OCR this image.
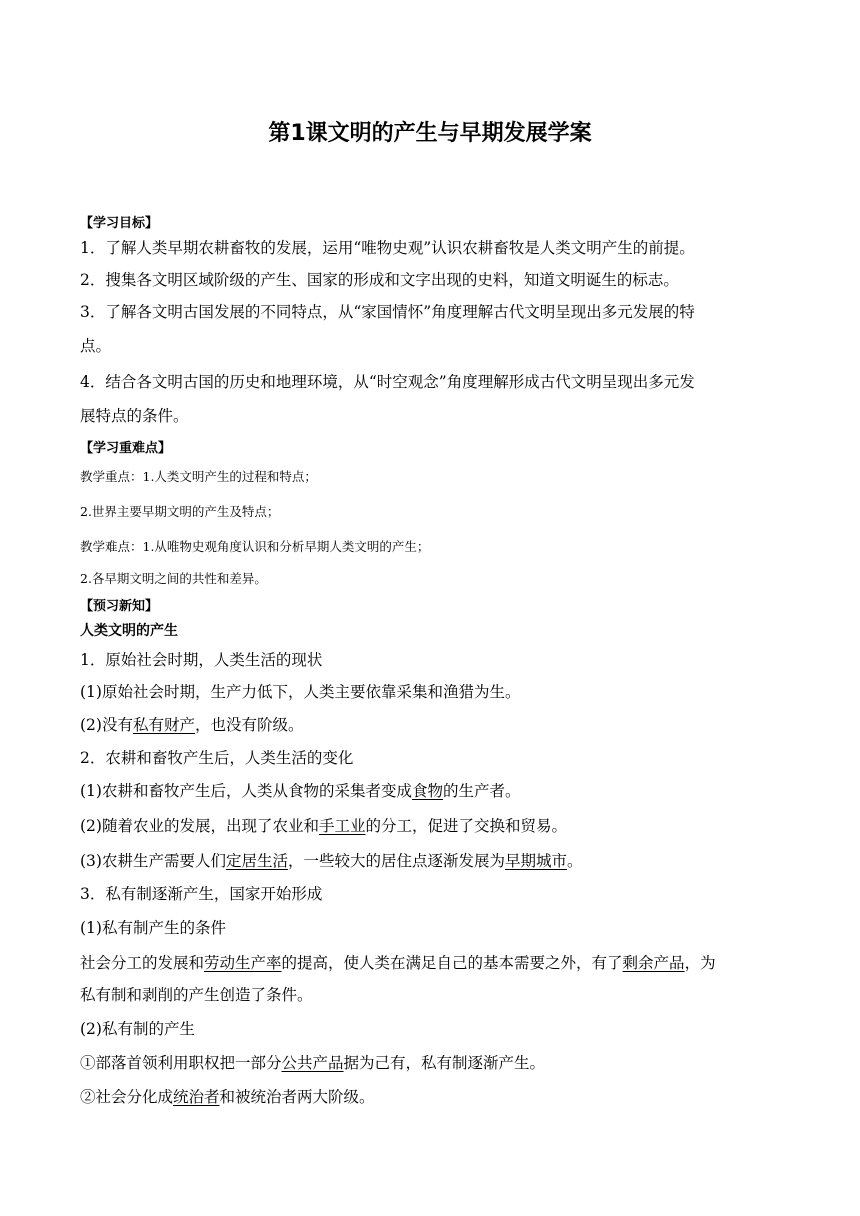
第1课文明的产生与早期发展学案
【学习目标】
1．了解人类早期农耕畜牧的发展，运用“唯物史观”认识农耕畜牧是人类文明产生的前提。
2．搜集各文明区域阶级的产生、国家的形成和文字出现的史料，知道文明诞生的标志。
3．了解各文明古国发展的不同特点，从“家国情怀”角度理解古代文明呈现出多元发展的特
点。
4．结合各文明古国的历史和地理环境，从“时空观念”角度理解形成古代文明呈现出多元发
展特点的条件。
【学习重难点】
教学重点：1.人类文明产生的过程和特点；
2.世界主要早期文明的产生及特点；
教学难点：1.从唯物史观角度认识和分析早期人类文明的产生；
2.各早期文明之间的共性和差异。
【预习新知】
人类文明的产生
1．原始社会时期，人类生活的现状
(1)原始社会时期，生产力低下，人类主要依靠采集和渔猎为生。
(2)没有私有财产，也没有阶级。
2．农耕和畜牧产生后，人类生活的变化
(1)农耕和畜牧产生后，人类从食物的采集者变成食物的生产者。
(2)随着农业的发展，出现了农业和手工业的分工，促进了交换和贸易。
(3)农耕生产需要人们定居生活，一些较大的居住点逐渐发展为早期城市。
3．私有制逐渐产生，国家开始形成
(1)私有制产生的条件
社会分工的发展和劳动生产率的提高，使人类在满足自己的基本需要之外，有了剩余产品，为
私有制和剥削的产生创造了条件。
(2)私有制的产生
①部落首领利用职权把一部分公共产品据为己有，私有制逐渐产生。
②社会分化成统治者和被统治者两大阶级。
